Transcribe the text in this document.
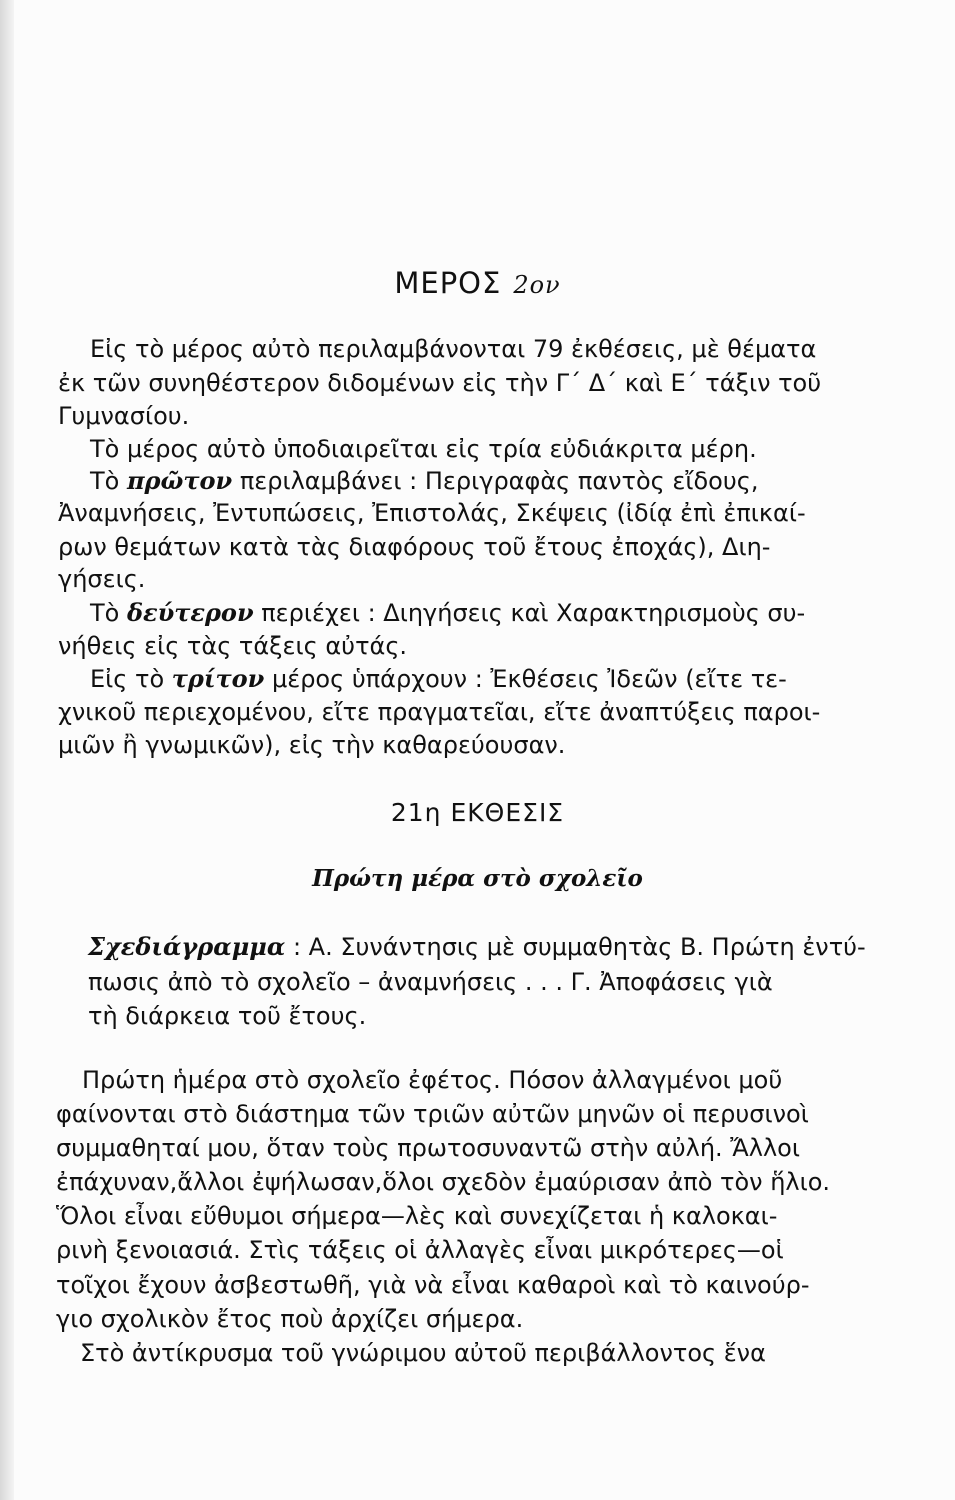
ΜΕΡΟΣ 2ον
Εἰς τὸ μέρος αὐτὸ περιλαμβάνονται 79 ἐκθέσεις, μὲ θέματα
ἐκ τῶν συνηθέστερον διδομένων εἰς τὴν Γ΄ Δ΄ καὶ Ε΄ τάξιν τοῦ
Γυμνασίου.
Τὸ μέρος αὐτὸ ὑποδιαιρεῖται εἰς τρία εὐδιάκριτα μέρη.
Τὸ πρῶτον περιλαμβάνει : Περιγραφὰς παντὸς εἴδους,
Ἀναμνήσεις, Ἐντυπώσεις, Ἐπιστολάς, Σκέψεις (ἰδίᾳ ἐπὶ ἐπικαί-
ρων θεμάτων κατὰ τὰς διαφόρους τοῦ ἔτους ἐποχάς), Διη-
γήσεις.
Τὸ δεύτερον περιέχει : Διηγήσεις καὶ Χαρακτηρισμοὺς συ-
νήθεις εἰς τὰς τάξεις αὐτάς.
Εἰς τὸ τρίτον μέρος ὑπάρχουν : Ἐκθέσεις Ἰδεῶν (εἴτε τε-
χνικοῦ περιεχομένου, εἴτε πραγματεῖαι, εἴτε ἀναπτύξεις παροι-
μιῶν ἢ γνωμικῶν), εἰς τὴν καθαρεύουσαν.
21η ΕΚΘΕΣΙΣ
Πρώτη μέρα στὸ σχολεῖο
Σχεδιάγραμμα : Α. Συνάντησις μὲ συμμαθητὰς Β. Πρώτη ἐντύ-
πωσις ἀπὸ τὸ σχολεῖο – ἀναμνήσεις . . . Γ. Ἀποφάσεις γιὰ
τὴ διάρκεια τοῦ ἔτους.
Πρώτη ἡμέρα στὸ σχολεῖο ἐφέτος. Πόσον ἀλλαγμένοι μοῦ
φαίνονται στὸ διάστημα τῶν τριῶν αὐτῶν μηνῶν οἱ περυσινοὶ
συμμαθηταί μου, ὅταν τοὺς πρωτοσυναντῶ στὴν αὐλή. Ἄλλοι
ἐπάχυναν,ἄλλοι ἐψήλωσαν,ὅλοι σχεδὸν ἐμαύρισαν ἀπὸ τὸν ἥλιο.
Ὅλοι εἶναι εὔθυμοι σήμερα—λὲς καὶ συνεχίζεται ἡ καλοκαι-
ρινὴ ξενοιασιά. Στὶς τάξεις οἱ ἀλλαγὲς εἶναι μικρότερες—οἱ
τοῖχοι ἔχουν ἀσβεστωθῆ, γιὰ νὰ εἶναι καθαροὶ καὶ τὸ καινούρ-
γιο σχολικὸν ἔτος ποὺ ἀρχίζει σήμερα.
Στὸ ἀντίκρυσμα τοῦ γνώριμου αὐτοῦ περιβάλλοντος ἕνα
